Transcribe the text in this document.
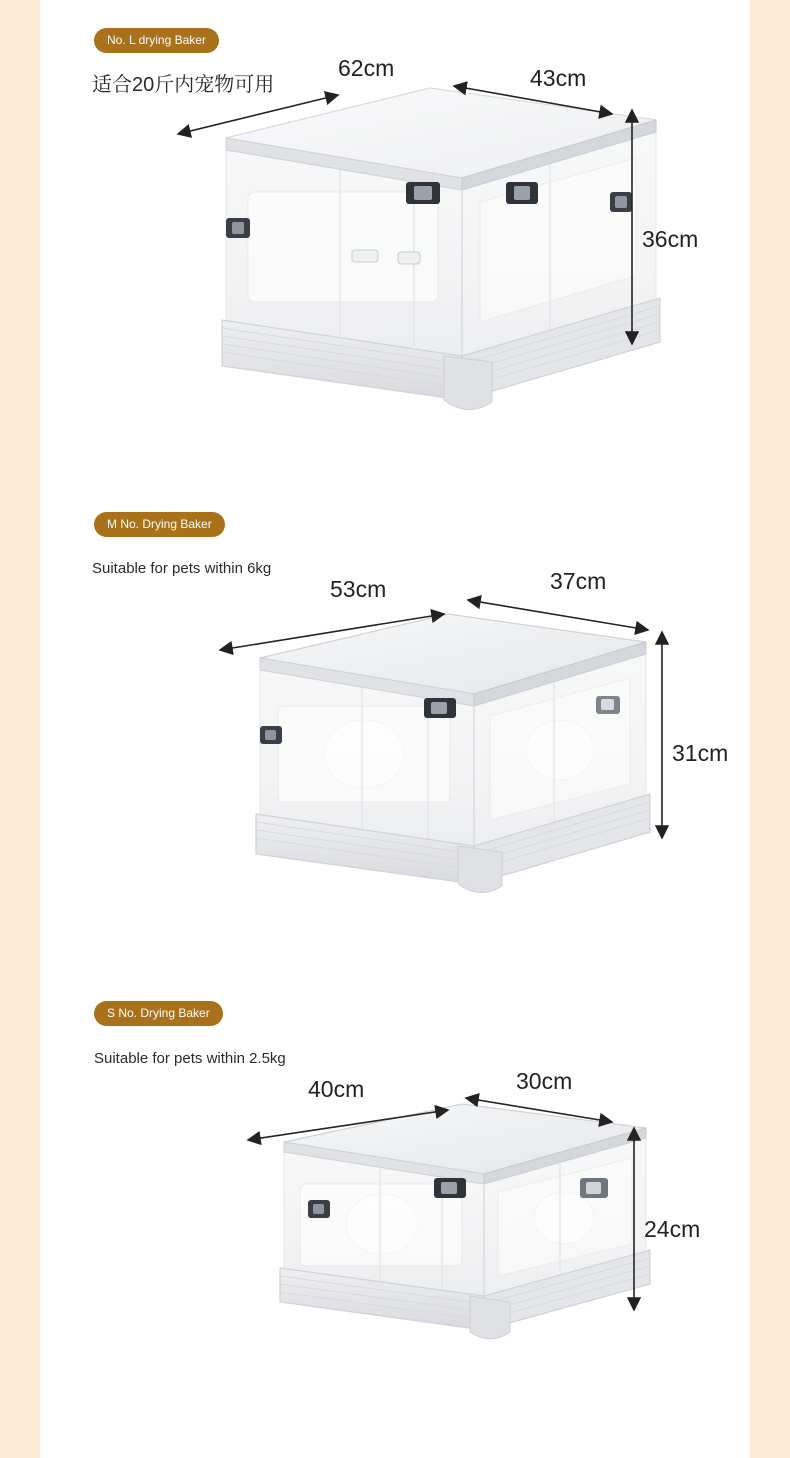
No. L drying Baker
适合20斤内宠物可用
62cm	43cm
36cm
M No. Drying Baker
Suitable for pets within 6kg
53cm	37cm
31cm
S No. Drying Baker
Suitable for pets within 2.5kg
40cm	30cm
24cm
